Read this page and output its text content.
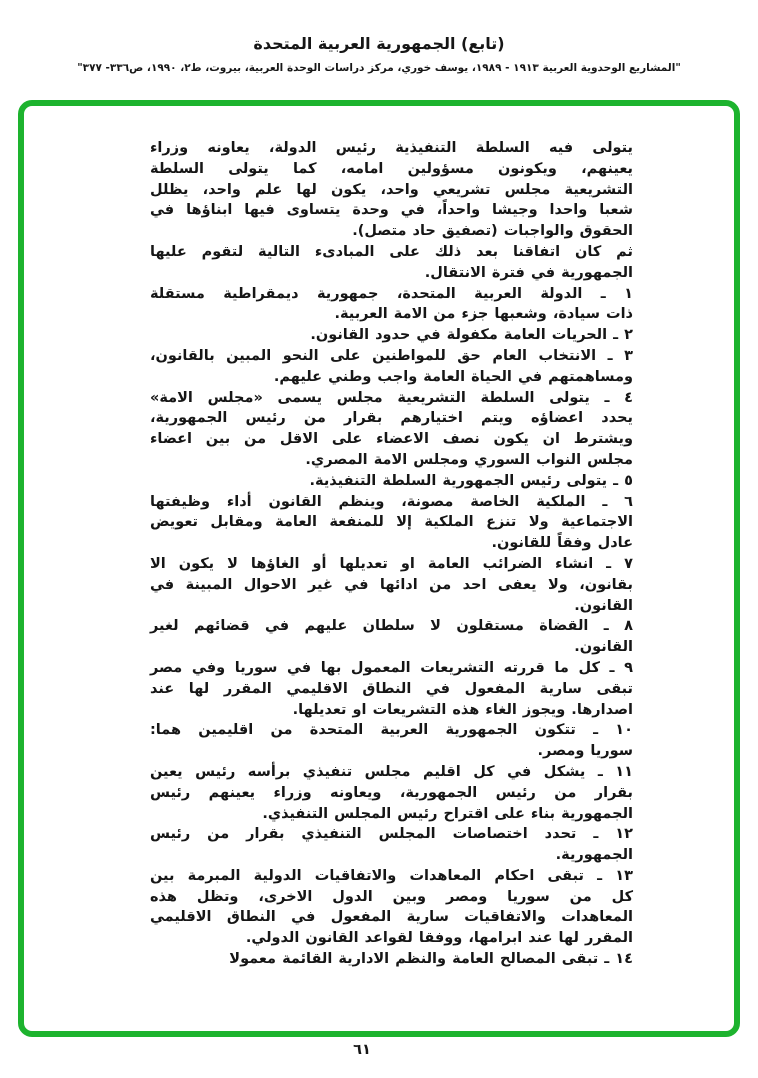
(تابع) الجمهورية العربية المتحدة
"المشاريع الوحدوية العربية ١٩١٣ - ١٩٨٩، يوسف خوري، مركز دراسات الوحدة العربية، بيروت، ط٢، ١٩٩٠، ص٣٣٦- ٣٧٧"
يتولى فيه السلطة التنفيذية رئيس الدولة، يعاونه وزراء
يعينهم، ويكونون مسؤولين امامه، كما يتولى السلطة
التشريعية مجلس تشريعي واحد، يكون لها علم واحد، يظلل
شعبا واحدا وجيشا واحداً، في وحدة يتساوى فيها ابناؤها في
الحقوق والواجبات (تصفيق حاد متصل).
ثم كان اتفاقنا بعد ذلك على المبادىء التالية لتقوم عليها
الجمهورية في فترة الانتقال.
١ ـ الدولة العربية المتحدة، جمهورية ديمقراطية مستقلة
ذات سيادة، وشعبها جزء من الامة العربية.
٢ ـ الحريات العامة مكفولة في حدود القانون.
٣ ـ الانتخاب العام حق للمواطنين على النحو المبين بالقانون،
ومساهمتهم في الحياة العامة واجب وطني عليهم.
٤ ـ يتولى السلطة التشريعية مجلس يسمى «مجلس الامة»
يحدد اعضاؤه ويتم اختيارهم بقرار من رئيس الجمهورية،
ويشترط ان يكون نصف الاعضاء على الاقل من بين اعضاء
مجلس النواب السوري ومجلس الامة المصري.
٥ ـ يتولى رئيس الجمهورية السلطة التنفيذية.
٦ ـ الملكية الخاصة مصونة، وينظم القانون أداء وظيفتها
الاجتماعية ولا تنزع الملكية إلا للمنفعة العامة ومقابل تعويض
عادل وفقاً للقانون.
٧ ـ انشاء الضرائب العامة او تعديلها أو الغاؤها لا يكون الا
بقانون، ولا يعفى احد من ادائها في غير الاحوال المبينة في
القانون.
٨ ـ القضاة مستقلون لا سلطان عليهم في قضائهم لغير
القانون.
٩ ـ كل ما قررته التشريعات المعمول بها في سوريا وفي مصر
تبقى سارية المفعول في النطاق الاقليمي المقرر لها عند
اصدارها. ويجوز الغاء هذه التشريعات او تعديلها.
١٠ ـ تتكون الجمهورية العربية المتحدة من اقليمين هما:
سوريا ومصر.
١١ ـ يشكل في كل اقليم مجلس تنفيذي برأسه رئيس يعين
بقرار من رئيس الجمهورية، ويعاونه وزراء يعينهم رئيس
الجمهورية بناء على اقتراح رئيس المجلس التنفيذي.
١٢ ـ تحدد اختصاصات المجلس التنفيذي بقرار من رئيس
الجمهورية.
١٣ ـ تبقى احكام المعاهدات والاتفاقيات الدولية المبرمة بين
كل من سوريا ومصر وبين الدول الاخرى، وتظل هذه
المعاهدات والاتفاقيات سارية المفعول في النطاق الاقليمي
المقرر لها عند ابرامها، ووفقا لقواعد القانون الدولي.
١٤ ـ تبقى المصالح العامة والنظم الادارية القائمة معمولا
٦١
